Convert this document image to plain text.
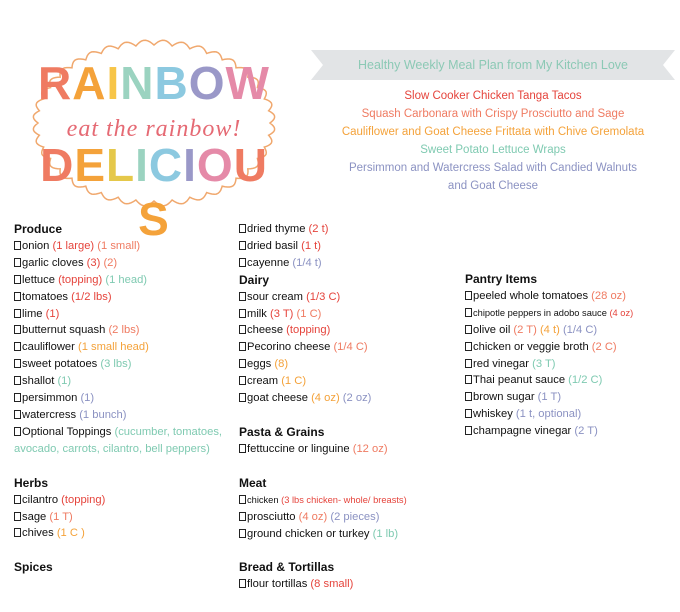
RAINBOW
eat the rainbow!
DELICIOUS
Healthy Weekly Meal Plan from My Kitchen Love
Slow Cooker Chicken Tanga Tacos
Squash Carbonara with Crispy Prosciutto and Sage
Cauliflower and Goat Cheese Frittata with Chive Gremolata
Sweet Potato Lettuce Wraps
Persimmon and Watercress Salad with Candied Walnuts
and Goat Cheese
Produce
onion (1 large) (1 small)
garlic cloves (3) (2)
lettuce (topping) (1 head)
tomatoes (1/2 lbs)
lime (1)
butternut squash (2 lbs)
cauliflower (1 small head)
sweet potatoes (3 lbs)
shallot (1)
persimmon (1)
watercress (1 bunch)
Optional Toppings (cucumber, tomatoes, avocado, carrots, cilantro, bell peppers)
Herbs
cilantro (topping)
sage (1 T)
chives (1 C )
Spices
dried thyme (2 t)
dried basil (1 t)
cayenne (1/4 t)
Dairy
sour cream (1/3 C)
milk (3 T) (1 C)
cheese (topping)
Pecorino cheese (1/4 C)
eggs (8)
cream (1 C)
goat cheese (4 oz) (2 oz)
Pasta & Grains
fettuccine or linguine (12 oz)
Meat
chicken (3 lbs chicken- whole/ breasts)
prosciutto (4 oz) (2 pieces)
ground chicken or turkey (1 lb)
Bread & Tortillas
flour tortillas (8 small)
Pantry Items
peeled whole tomatoes (28 oz)
chipotle peppers in adobo sauce (4 oz)
olive oil (2 T) (4 t) (1/4 C)
chicken or veggie broth (2 C)
red vinegar (3 T)
Thai peanut sauce (1/2 C)
brown sugar (1 T)
whiskey (1 t, optional)
champagne vinegar (2 T)
